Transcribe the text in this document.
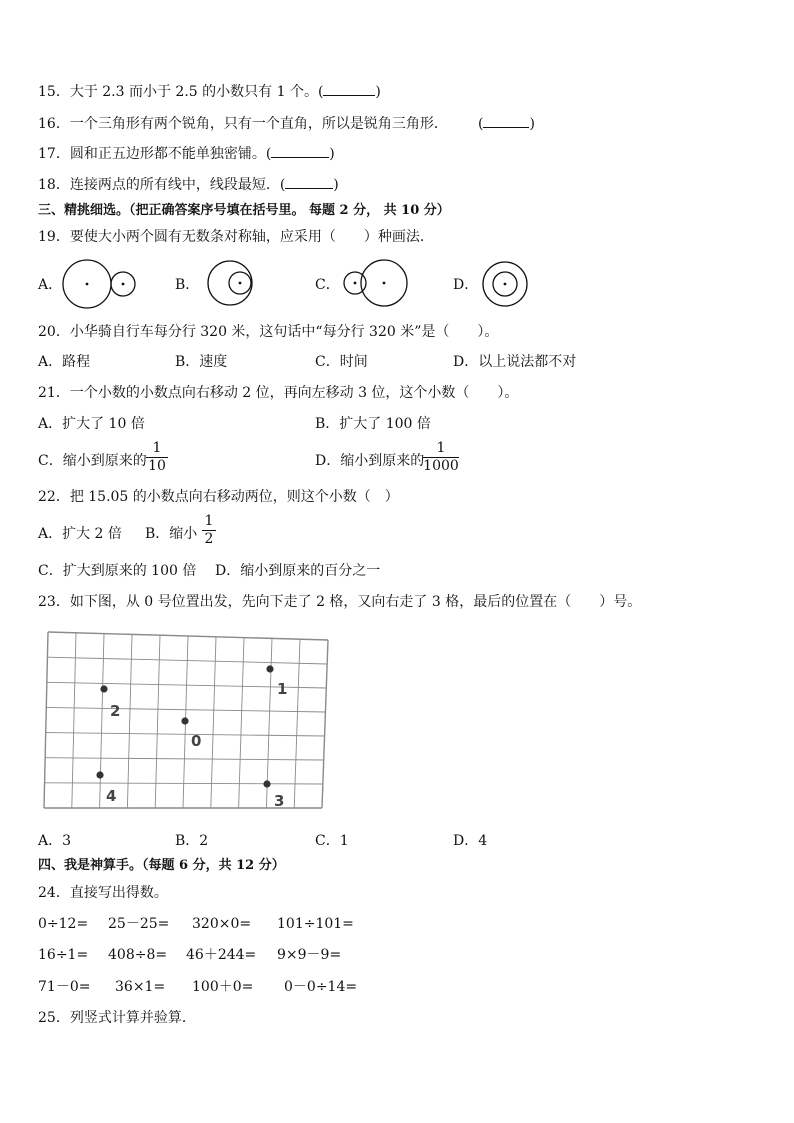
15．大于 2.3 而小于 2.5 的小数只有 1 个。(	)
16．一个三角形有两个锐角，只有一个直角，所以是锐角三角形． (	)
17．圆和正五边形都不能单独密铺。(	)
18．连接两点的所有线中，线段最短．(	)
三、精挑细选。（把正确答案序号填在括号里。 每题 2 分， 共 10 分）
19．要使大小两个圆有无数条对称轴，应采用（　　）种画法．
A．	B．	C．	D．
20．小华骑自行车每分行 320 米，这句话中“每分行 320 米”是（　　）。
A．路程	B．速度	C．时间	D．以上说法都不对
21．一个小数的小数点向右移动 2 位，再向左移动 3 位，这个小数（　　）。
A．扩大了 10 倍	B．扩大了 100 倍
C．缩小到原来的
1
10	D．缩小到原来的
1
1000
22．把 15.05 的小数点向右移动两位，则这个小数（　）
A．扩大 2 倍 B．缩小
1
2
C．扩大到原来的 100 倍 D．缩小到原来的百分之一
23．如下图，从 0 号位置出发，先向下走了 2 格，又向右走了 3 格，最后的位置在（　　）号。
0
1
2
3
4
A．3	B．2	C．1	D．4
四、我是神算手。（每题 6 分，共 12 分）
24．直接写出得数。
0÷12= 25－25= 320×0= 101÷101=
16÷1= 408÷8= 46＋244= 9×9－9=
71－0= 36×1= 100＋0= 0－0÷14=
25．列竖式计算并验算．
